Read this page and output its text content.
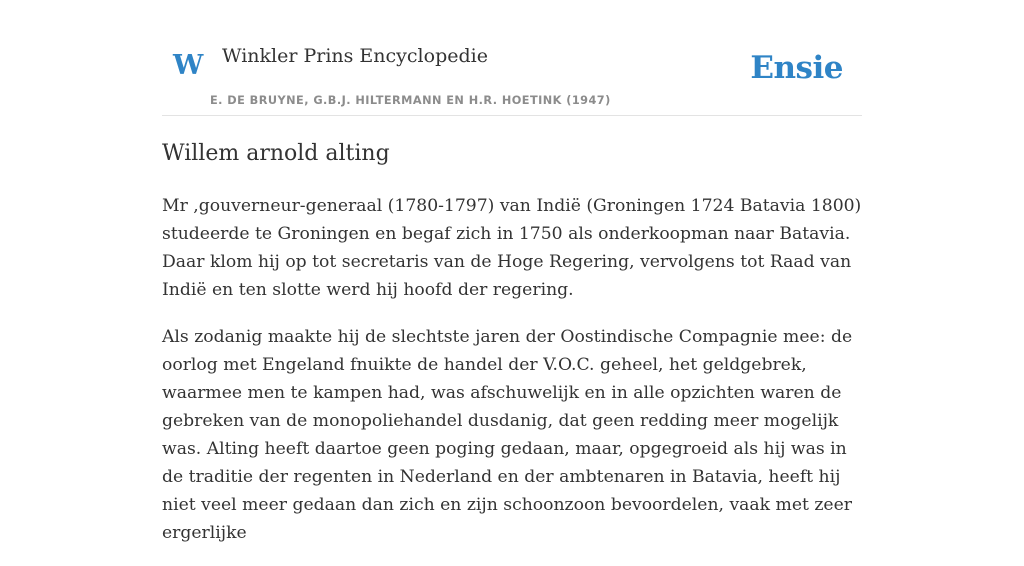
W Winkler Prins Encyclopedie
E. DE BRUYNE, G.B.J. HILTERMANN EN H.R. HOETINK (1947)
Ensie
Willem arnold alting

Mr ,gouverneur-generaal (1780-1797) van Indië (Groningen 1724 Batavia 1800) studeerde te Groningen en begaf zich in 1750 als onderkoopman naar Batavia. Daar klom hij op tot secretaris van de Hoge Regering, vervolgens tot Raad van Indië en ten slotte werd hij hoofd der regering.

Als zodanig maakte hij de slechtste jaren der Oostindische Compagnie mee: de oorlog met Engeland fnuikte de handel der V.O.C. geheel, het geldgebrek, waarmee men te kampen had, was afschuwelijk en in alle opzichten waren de gebreken van de monopoliehandel dusdanig, dat geen redding meer mogelijk was. Alting heeft daartoe geen poging gedaan, maar, opgegroeid als hij was in de traditie der regenten in Nederland en der ambtenaren in Batavia, heeft hij niet veel meer gedaan dan zich en zijn schoonzoon bevoordelen, vaak met zeer ergerlijke
